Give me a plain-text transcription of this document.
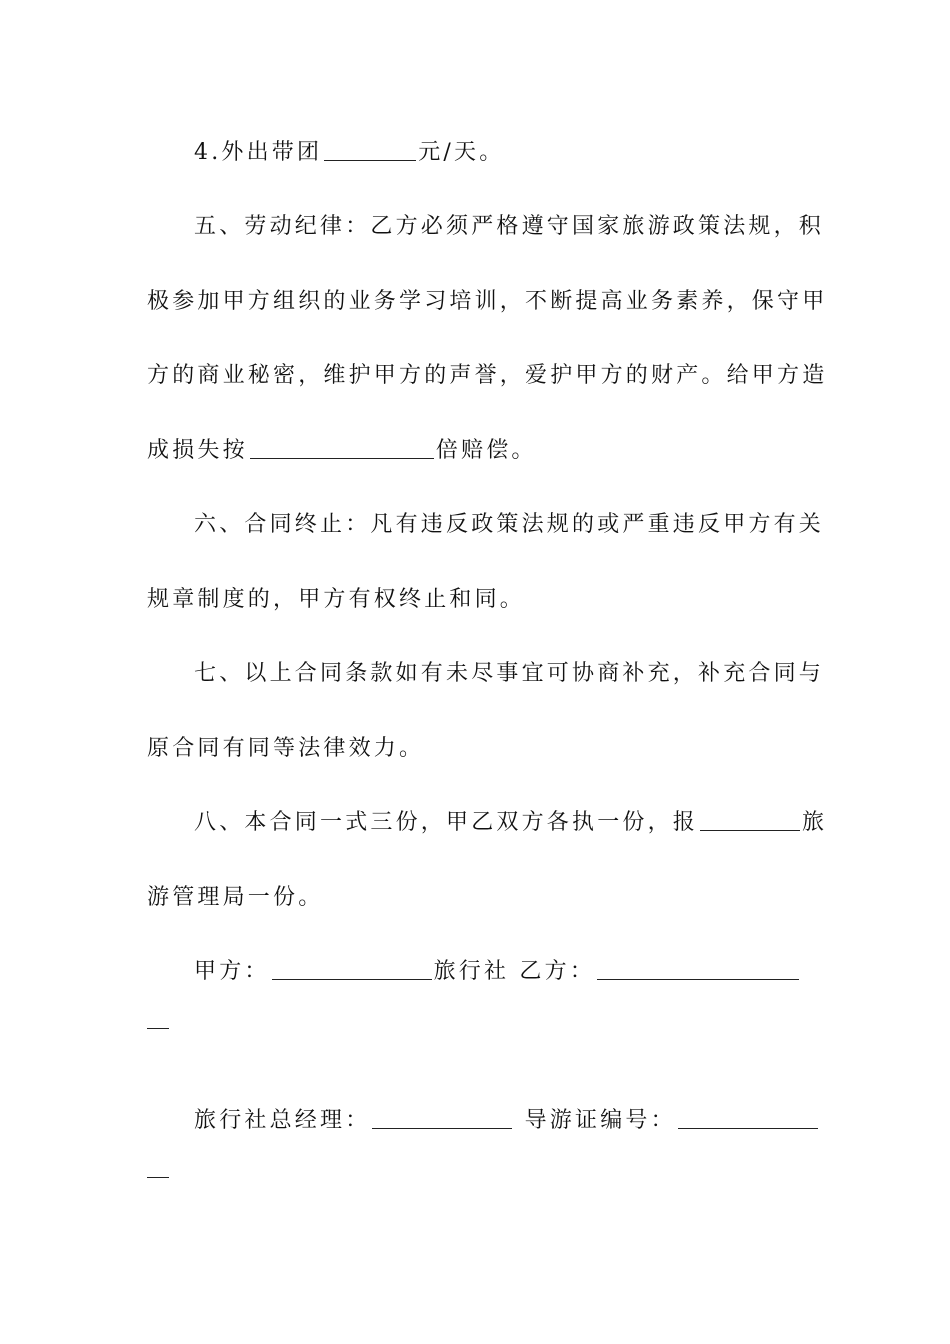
4.外出带团	元/天。
五、劳动纪律：乙方必须严格遵守国家旅游政策法规，积
极参加甲方组织的业务学习培训，不断提高业务素养，保守甲
方的商业秘密，维护甲方的声誉，爱护甲方的财产。给甲方造
成损失按	倍赔偿。
六、合同终止：凡有违反政策法规的或严重违反甲方有关
规章制度的，甲方有权终止和同。
七、以上合同条款如有未尽事宜可协商补充，补充合同与
原合同有同等法律效力。
八、本合同一式三份，甲乙双方各执一份，报	旅
游管理局一份。
甲方：	旅行社 乙方：
旅行社总经理：	导游证编号：
